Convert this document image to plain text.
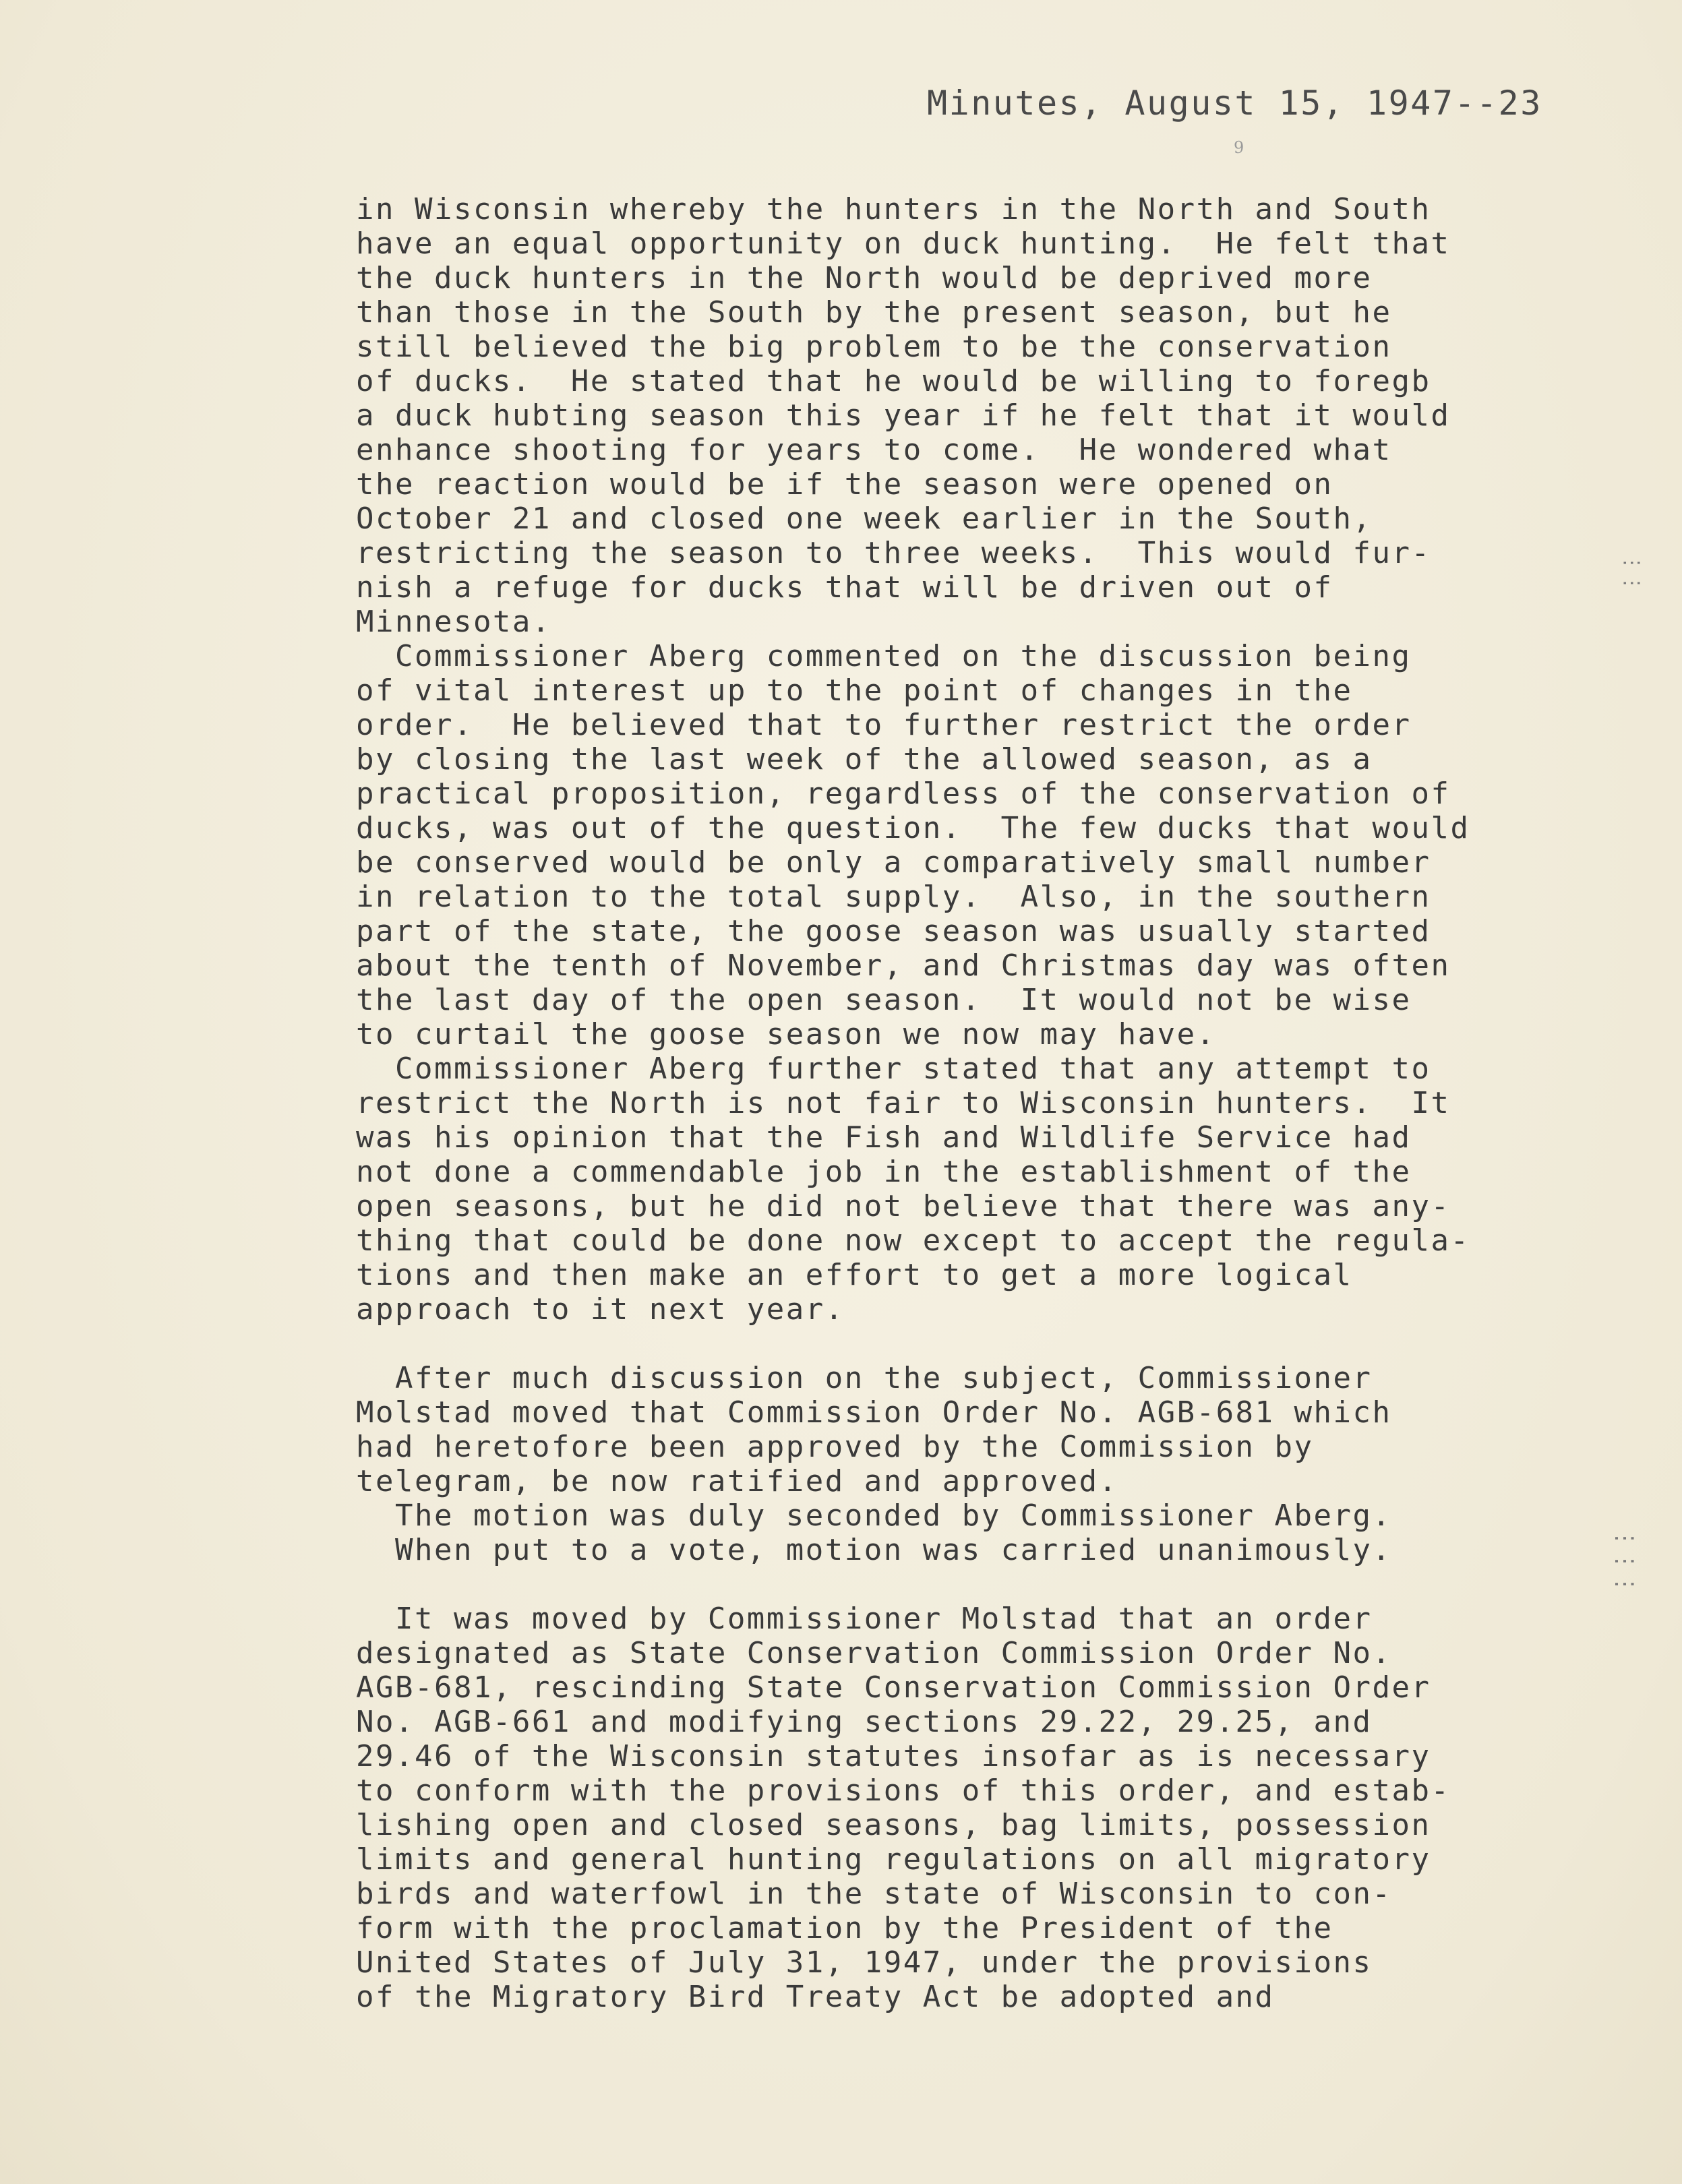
Minutes, August 15, 1947--23
9
in Wisconsin whereby the hunters in the North and South
have an equal opportunity on duck hunting.  He felt that
the duck hunters in the North would be deprived more
than those in the South by the present season, but he
still believed the big problem to be the conservation
of ducks.  He stated that he would be willing to foregb
a duck hubting season this year if he felt that it would
enhance shooting for years to come.  He wondered what
the reaction would be if the season were opened on
October 21 and closed one week earlier in the South,
restricting the season to three weeks.  This would fur-
nish a refuge for ducks that will be driven out of
Minnesota.
Commissioner Aberg commented on the discussion being
of vital interest up to the point of changes in the
order.  He believed that to further restrict the order
by closing the last week of the allowed season, as a
practical proposition, regardless of the conservation of
ducks, was out of the question.  The few ducks that would
be conserved would be only a comparatively small number
in relation to the total supply.  Also, in the southern
part of the state, the goose season was usually started
about the tenth of November, and Christmas day was often
the last day of the open season.  It would not be wise
to curtail the goose season we now may have.
Commissioner Aberg further stated that any attempt to
restrict the North is not fair to Wisconsin hunters.  It
was his opinion that the Fish and Wildlife Service had
not done a commendable job in the establishment of the
open seasons, but he did not believe that there was any-
thing that could be done now except to accept the regula-
tions and then make an effort to get a more logical
approach to it next year.
After much discussion on the subject, Commissioner
Molstad moved that Commission Order No. AGB-681 which
had heretofore been approved by the Commission by
telegram, be now ratified and approved.
The motion was duly seconded by Commissioner Aberg.
When put to a vote, motion was carried unanimously.
It was moved by Commissioner Molstad that an order
designated as State Conservation Commission Order No.
AGB-681, rescinding State Conservation Commission Order
No. AGB-661 and modifying sections 29.22, 29.25, and
29.46 of the Wisconsin statutes insofar as is necessary
to conform with the provisions of this order, and estab-
lishing open and closed seasons, bag limits, possession
limits and general hunting regulations on all migratory
birds and waterfowl in the state of Wisconsin to con-
form with the proclamation by the President of the
United States of July 31, 1947, under the provisions
of the Migratory Bird Treaty Act be adopted and
⋮⋮
⋮⋮⋮
